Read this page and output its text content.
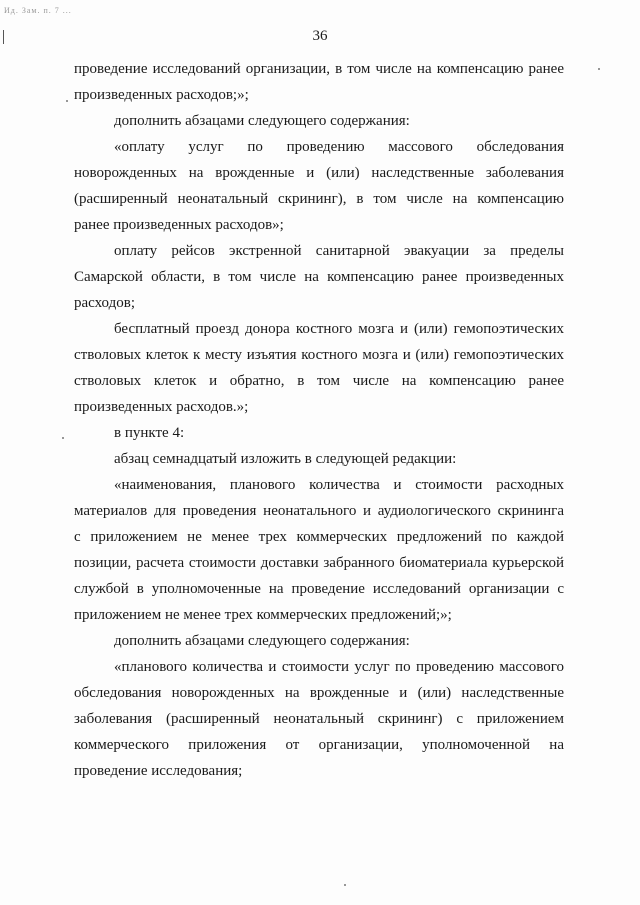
Ид. Зам. п. 7 ...
36
проведение исследований организации, в том числе на компенсацию ранее
произведенных расходов;»;
дополнить абзацами следующего содержания:
«оплату услуг по проведению массового обследования
новорожденных на врожденные и (или) наследственные заболевания
(расширенный неонатальный скрининг), в том числе на компенсацию
ранее произведенных расходов»;
оплату рейсов экстренной санитарной эвакуации за пределы
Самарской области, в том числе на компенсацию ранее произведенных
расходов;
бесплатный проезд донора костного мозга и (или) гемопоэтических
стволовых клеток к месту изъятия костного мозга и (или) гемопоэтических
стволовых клеток и обратно, в том числе на компенсацию ранее
произведенных расходов.»;
в пункте 4:
абзац семнадцатый изложить в следующей редакции:
«наименования, планового количества и стоимости расходных
материалов для проведения неонатального и аудиологического скрининга
с приложением не менее трех коммерческих предложений по каждой
позиции, расчета стоимости доставки забранного биоматериала курьерской
службой в уполномоченные на проведение исследований организации с
приложением не менее трех коммерческих предложений;»;
дополнить абзацами следующего содержания:
«планового количества и стоимости услуг по проведению массового
обследования новорожденных на врожденные и (или) наследственные
заболевания (расширенный неонатальный скрининг) с приложением
коммерческого приложения от организации, уполномоченной на
проведение исследования;
